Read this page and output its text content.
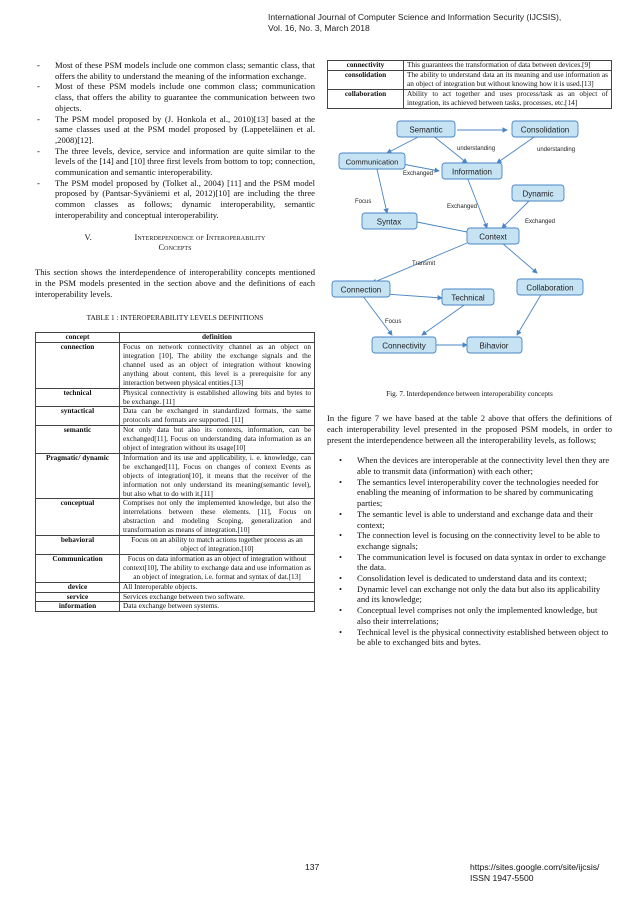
International Journal of Computer Science and Information Security (IJCSIS),
Vol. 16, No. 3, March 2018
- Most of these PSM models include one common class; semantic class, that offers the ability to understand the meaning of the information exchange.
- Most of these PSM models include one common class; communication class, that offers the ability to guarantee the communication between two objects.
- The PSM model proposed by (J. Honkola et al., 2010)[13] based at the same classes used at the PSM model proposed by (Lappeteläinen et al. ,2008)[12].
- The three levels, device, service and information are quite similar to the levels of the [14] and [10] three first levels from bottom to top; connection, communication and semantic interoperability.
- The PSM model proposed by (Tolket al., 2004) [11] and the PSM model proposed by (Pantsar-Syväniemi et al, 2012)[10] are including the three common classes as follows; dynamic interoperability, semantic interoperability and conceptual interoperability.
V.	Interdependence of Interoperability
Concepts

This section shows the interdependence of interoperability concepts mentioned in the PSM models presented in the section above and the definitions of each interoperability levels.

TABLE 1 : INTEROPERABILITY LEVELS DEFINITIONS
concept	definition
connection	Focus on network connectivity channel as an object on integration [10], The ability the exchange signals and the channel used as an object of integration without knowing anything about content, this level is a prerequisite for any interaction between physical entities.[13]
technical	Physical connectivity is established allowing bits and bytes to be exchange. [11]
syntactical	Data can be exchanged in standardized formats, the same protocols and formats are supported. [11]
semantic	Not only data but also its contexts, information, can be exchanged[11], Focus on understanding data information as an object of integration without its usage[10]
Pragmatic/ dynamic	Information and its use and applicability, i. e. knowledge, can be exchanged[11], Focus on changes of context Events as objects of integration[10], it means that the receiver of the information not only understand its meaning(semantic level), but also what to do with it.[11]
conceptual	Comprises not only the implemented knowledge, but also the interrelations between these elements. [11], Focus on abstraction and modeling Scoping, generalization and transformation as means of integration.[10]
behavioral	Focus on an ability to match actions together process as an object of integration.[10]
Communication	Focus on data information as an object of integration without context[10], The ability to exchange data and use information as an object of integration, i.e. format and syntax of dat.[13]
device	All Interoperable objects.
service	Services exchange between two software.
information	Data exchange between systems.
connectivity	This guarantees the transformation of data between devices.[9]
consolidation	The ability to understand data an its meaning and use information as an object of integration but without knowing how it is used.[13]
collaboration	Ability to act together and uses process/task as an object of integration, its achieved between tasks, processes, etc.[14]
Semantic	Consolidation
Communication
Information
Syntax
Dynamic
Context
Connection
Technical
Collaboration
Connectivity	Bihavior
understanding	understanding
Exchanged
Focus
Exchanged
Exchanged
Transmit
Focus
Fig. 7. Interdependence between interoperability concepts

In the figure 7 we have based at the table 2 above that offers the definitions of each interoperability level presented in the proposed PSM models, in order to present the interdependence between all the interoperability levels, as follows;

• When the devices are interoperable at the connectivity level then they are able to transmit data (information) with each other;
• The semantics level interoperability cover the technologies needed for enabling the meaning of information to be shared by communicating parties;
• The semantic level is able to understand and exchange data and their context;
• The connection level is focusing on the connectivity level to be able to exchange signals;
• The communication level is focused on data syntax in order to exchange the data.
• Consolidation level is dedicated to understand data and its context;
• Dynamic level can exchange not only the data but also its applicability and its knowledge;
• Conceptual level comprises not only the implemented knowledge, but also their interrelations;
• Technical level is the physical connectivity established between object to be able to exchanged bits and bytes.
137	https://sites.google.com/site/ijcsis/
ISSN 1947-5500
